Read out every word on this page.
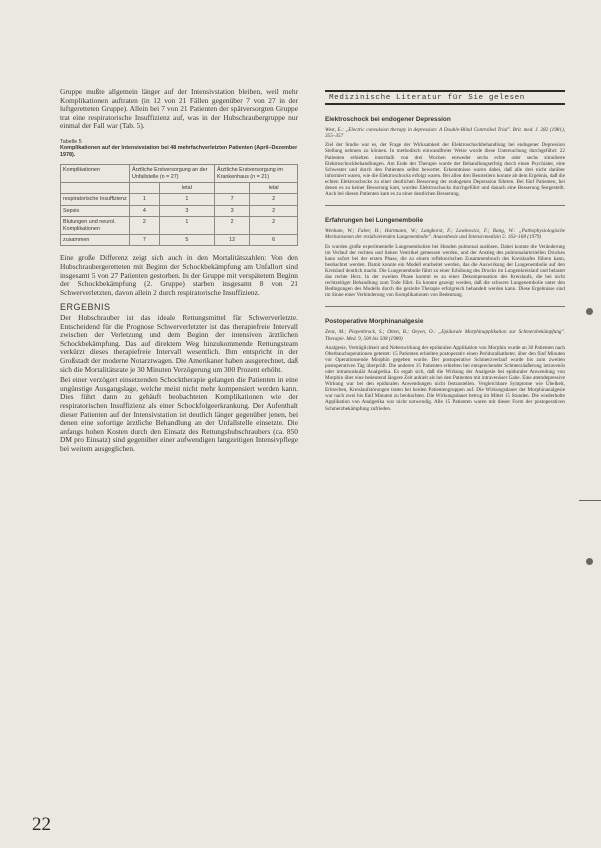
Gruppe mußte allgemein länger auf der Intensivstation bleiben, weil mehr Komplikationen auftraten (in 12 von 21 Fällen gegenüber 7 von 27 in der luftgeretteten Gruppe). Allein bei 7 von 21 Patienten der spätversorgten Gruppe trat eine respiratorische Insuffizienz auf, was in der Hubschraubergruppe nur einmal der Fall war (Tab. 5).

Tabelle 5
Komplikationen auf der Intensivstation bei 48 mehrfachverletzten Patienten (April–Dezember 1978).
Komplikationen	Ärztliche Erstversorgung an der Unfallstelle (n = 27)		Ärztliche Erstversorgung im Krankenhaus (n = 21)	
		letal		letal
respiratorische Insuffizienz	1	1	7	2
Sepsis	4	3	3	2
Blutungen und neurol. Komplikationen	2	1	2	2
zusammen	7	5	12	6

Eine große Differenz zeigt sich auch in den Mortalitätszahlen: Von den Hubschraubergeretteten mit Beginn der Schockbekämpfung am Unfallort sind insgesamt 5 von 27 Patienten gestorben. In der Gruppe mit verspätetem Beginn der Schockbekämpfung (2. Gruppe) starben insgesamt 8 von 21 Schwerverletzten, davon allein 2 durch respiratorische Insuffizienz.

ERGEBNIS

Der Hubschrauber ist das ideale Rettungsmittel für Schwerverletzte. Entscheidend für die Prognose Schwerverletzter ist das therapiefreie Intervall zwischen der Verletzung und dem Beginn der intensiven ärztlichen Schockbekämpfung. Das auf direktem Weg hinzukommende Rettungsteam verkürzt dieses therapiefreie Intervall wesentlich. Ihm entspricht in der Großstadt der moderne Notarztwagen. Die Amerikaner haben ausgerechnet, daß sich die Mortalitätsrate je 30 Minuten Verzögerung um 300 Prozent erhöht.

Bei einer verzögert einsetzenden Schocktherapie gelangen die Patienten in eine ungünstige Ausgangslage, welche meist nicht mehr kompensiert werden kann. Dies führt dann zu gehäuft beobachteten Komplikationen wie der respiratorischen Insuffizienz als einer Schockfolgeerkrankung. Der Aufenthalt dieser Patienten auf der Intensivstation ist deutlich länger gegenüber jenen, bei denen eine sofortige ärztliche Behandlung an der Unfallstelle einsetzte. Die anfangs hohen Kosten durch den Einsatz des Rettungshubschraubers (ca. 850 DM pro Einsatz) sind gegenüber einer aufwendigen langzeitigen Intensivpflege bei weitem ausgeglichen.

Medizinische Literatur für Sie gelesen
Elektroschock bei endogener Depression

West, E.: „Electric convulsion therapy in depression: A Double-Blind Controlled Trial". Brit. med. J. 282 (1981), 355–357

Ziel der Studie war es, der Frage der Wirksamkeit der Elektroschockbehandlung bei endogener Depression Stellung nehmen zu können. In methodisch einwandfreier Weise wurde diese Untersuchung durchgeführt: 22 Patienten erhielten innerhalb von drei Wochen entweder sechs echte oder sechs simulierte Elektroschockbehandlungen. Am Ende der Therapie wurde der Behandlungserfolg durch einen Psychiater, eine Schwester und durch den Patienten selbst bewertet. Erkenntnisse waren dabei, daß alle drei nicht darüber informiert waren, wie die Elektroschocks erfolgt waren. Bei allen drei Beurteilern konnte ab dem Ergebnis, daß die echten Elektroschocks zu einer deutlichen Besserung der endogenen Depression führten. Bei fünf Patienten, bei denen es zu keiner Besserung kam, wurden Elektroschocks durchgeführt und danach eine Besserung festgestellt. Auch bei diesen Patienten kam es zu einer deutlichen Besserung.

Erfahrungen bei Lungenembolie

Wenham, W.; Faber, H.; Hartmann, W.; Langhorst, F.; Lawkowicz, F.; Rang, W.: „Pathophysiologische Mechanismen der rezidivierenden Lungenembolie". Anaesthesie und Intensivmedizin 5: 163–168 (1979)

Es wurden große experimentelle Lungenembolien bei Hunden pulmonal auslösen. Dabei konnte die Veränderung im Verlauf der rechten und linken Ventrikel gemessen werden, und der Anstieg des pulmonalarteriellen Druckes kann sofort bei der ersten Phase, die zu einem reflektorischen Zusammenbruch des Kreislaufes führen kann, beobachtet werden. Damit konnte ein Modell erarbeitet werden, das die Auswirkung der Lungenembolie auf den Kreislauf deutlich macht. Die Lungenembolie führt zu einer Erhöhung des Drucks im Lungenkreislauf und belastet das rechte Herz. In der zweiten Phase kommt es zu einer Dekompensation des Kreislaufs, die bei nicht rechtzeitiger Behandlung zum Tode führt. Es konnte gezeigt werden, daß die schwere Lungenembolie unter den Bedingungen des Modells durch die gezielte Therapie erfolgreich behandelt werden kann. Diese Ergebnisse sind im Sinne einer Verhinderung von Komplikationen von Bedeutung.

Postoperative Morphinanalgesie

Zenz, M.; Piepenbrock, S.; Otten, B.; Oeyen, O.: „Epidurale Morphinapplikation zur Schmerzbekämpfung". Therapie. Med. 9, 500 bis 508 (1980)

Analgesie, Verträglichkeit und Nebenwirkung der epiduralen Applikation von Morphin wurde an 30 Patienten nach Oberbauchoperationen getestet: 15 Patienten erhielten postoperativ einen Periduralkatheter, über den fünf Minuten vor Operationsende Morphin gegeben wurde. Der postoperative Schmerzverlauf wurde bis zum zweiten postoperativen Tag überprüft. Die anderen 15 Patienten erhielten bei entsprechender Schmerzäußerung intravenös oder intramuskulär Analgetika. Es ergab sich, daß die Wirkung der Analgesie bei epiduraler Anwendung von Morphin über eine bedeutend längere Zeit anhielt als bei den Patienten mit intravenöser Gabe. Eine atemdepressive Wirkung war bei den epiduralen Anwendungen nicht festzustellen. Vergleichbare Symptome wie Übelkeit, Erbrechen, Kreislaufstörungen traten bei beiden Patientengruppen auf. Die Wirkungsdauer der Morphinanalgesie war nach zwei bis fünf Minuten zu beobachten. Die Wirkungsdauer betrug im Mittel 15 Stunden. Die wiederholte Applikation von Analgetika war nicht notwendig. Alle 15 Patienten waren mit dieser Form der postoperativen Schmerzbekämpfung zufrieden.

22
